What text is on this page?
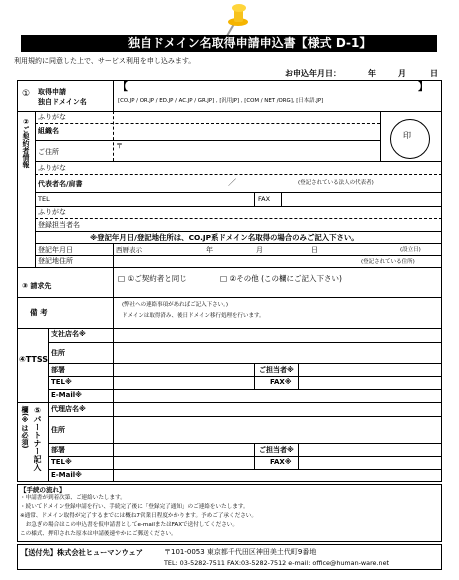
独自ドメイン名取得申請申込書【様式 D-1】
利用規約に同意した上で、サービス利用を申し込みます。
お申込年月日：	年	月	日
① 取得申請
独自ドメイン名
【	】
[CO.JP / OR.JP / ED.JP / AC.JP / GR.JP] , [汎用JP] , [COM / NET /ORG], [日本語.JP]
②ご契約者情報
ふりがな
組織名
ご住所
〒
印
ふりがな
代表者名/肩書	／	(登記されている法人の代表者)
TEL	FAX
ふりがな
登録担当者名
※登記年月日/登記地住所は、CO.JP系ドメイン名取得の場合のみご記入下さい。
登記年月日	西暦表示	年	月	日	(設立日)
登記地住所	(登記されている住所)
③ 請求先
□ ①ご契約者と同じ	□ ②その他 (この欄にご記入下さい)
備 考
(弊社への連絡事項があればご記入下さい。)
ドメインは取得済み、後日ドメイン移行処理を行います。
④TTSS
支社店名※
住所
部署	ご担当者※
TEL※	FAX※
E-Mail※
欄(※は必須) ⑤パートナー記入 代理店名※
住所
部署	ご担当者※
TEL※	FAX※
E-Mail※
【手続の流れ】
・申請書が到着次第、ご連絡いたします。
・続いてドメイン登録申請を行い、手続完了後に「登録完了通知」のご連絡をいたします。
※通常、ドメイン取得が完了するまでには概ね7営業日程度かかります。予めご了承ください。
　お急ぎの場合はこの申込書を仮申請書としてe-mailまたはFAXで送付してください。
この様式、押印された原本は申請後速やかにご郵送ください。
【送付先】株式会社ヒューマンウェア	〒101-0053 東京都千代田区神田美土代町9番地
TEL: 03-5282-7511 FAX:03-5282-7512 e-mail: office@human-ware.net
